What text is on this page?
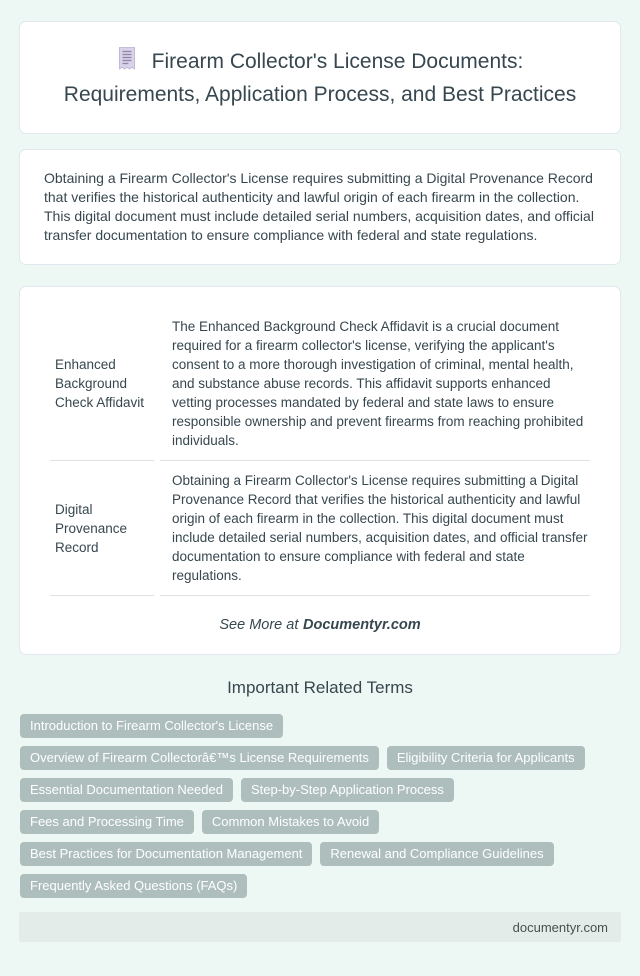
Firearm Collector's License Documents: Requirements, Application Process, and Best Practices

Obtaining a Firearm Collector's License requires submitting a Digital Provenance Record that verifies the historical authenticity and lawful origin of each firearm in the collection. This digital document must include detailed serial numbers, acquisition dates, and official transfer documentation to ensure compliance with federal and state regulations.

Enhanced Background Check Affidavit	The Enhanced Background Check Affidavit is a crucial document required for a firearm collector's license, verifying the applicant's consent to a more thorough investigation of criminal, mental health, and substance abuse records. This affidavit supports enhanced vetting processes mandated by federal and state laws to ensure responsible ownership and prevent firearms from reaching prohibited individuals.
Digital Provenance Record	Obtaining a Firearm Collector's License requires submitting a Digital Provenance Record that verifies the historical authenticity and lawful origin of each firearm in the collection. This digital document must include detailed serial numbers, acquisition dates, and official transfer documentation to ensure compliance with federal and state regulations.
See More at Documentyr.com
Important Related Terms
Introduction to Firearm Collector's License
Overview of Firearm Collectorâ€™s License Requirements	Eligibility Criteria for Applicants
Essential Documentation Needed	Step-by-Step Application Process
Fees and Processing Time	Common Mistakes to Avoid
Best Practices for Documentation Management	Renewal and Compliance Guidelines
Frequently Asked Questions (FAQs)
documentyr.com
